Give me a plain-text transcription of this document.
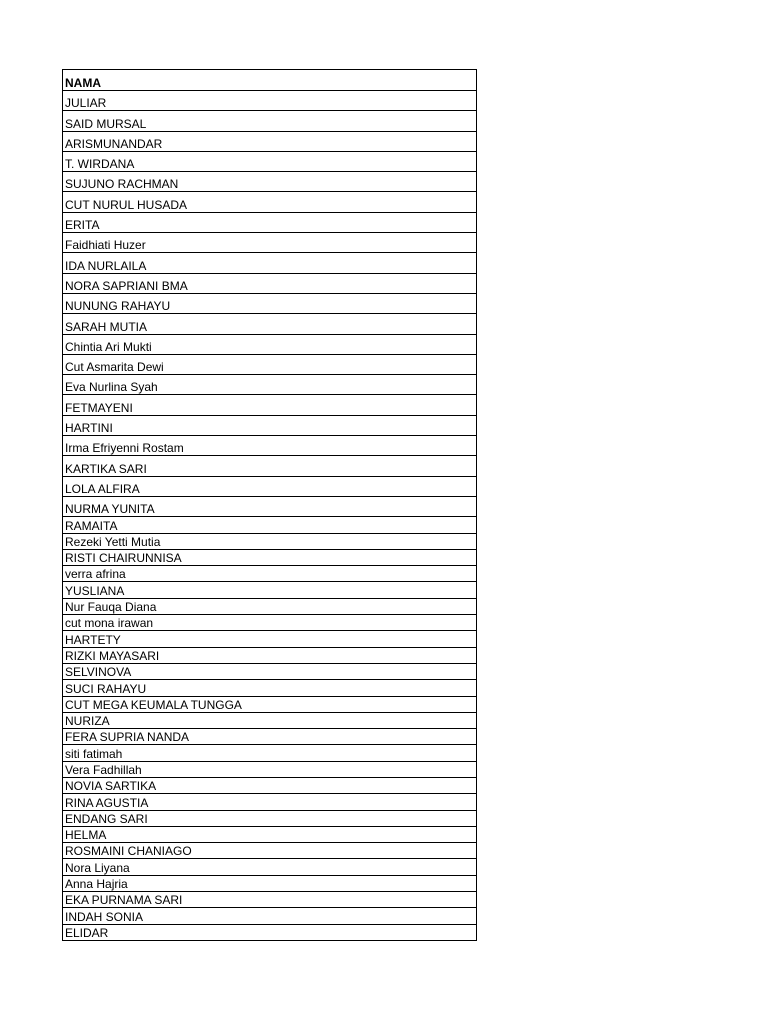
NAMA
JULIAR
SAID MURSAL
ARISMUNANDAR
T. WIRDANA
SUJUNO RACHMAN
CUT NURUL HUSADA
ERITA
Faidhiati Huzer
IDA NURLAILA
NORA SAPRIANI BMA
NUNUNG RAHAYU
SARAH MUTIA
Chintia Ari Mukti
Cut Asmarita Dewi
Eva Nurlina Syah
FETMAYENI
HARTINI
Irma Efriyenni Rostam
KARTIKA SARI
LOLA ALFIRA
NURMA YUNITA
RAMAITA
Rezeki Yetti Mutia
RISTI CHAIRUNNISA
verra afrina
YUSLIANA
Nur Fauqa Diana
cut mona irawan
HARTETY
RIZKI MAYASARI
SELVINOVA
SUCI RAHAYU
CUT MEGA KEUMALA TUNGGA
NURIZA
FERA SUPRIA NANDA
siti fatimah
Vera Fadhillah
NOVIA SARTIKA
RINA AGUSTIA
ENDANG SARI
HELMA
ROSMAINI CHANIAGO
Nora Liyana
Anna Hajria
EKA PURNAMA SARI
INDAH SONIA
ELIDAR
